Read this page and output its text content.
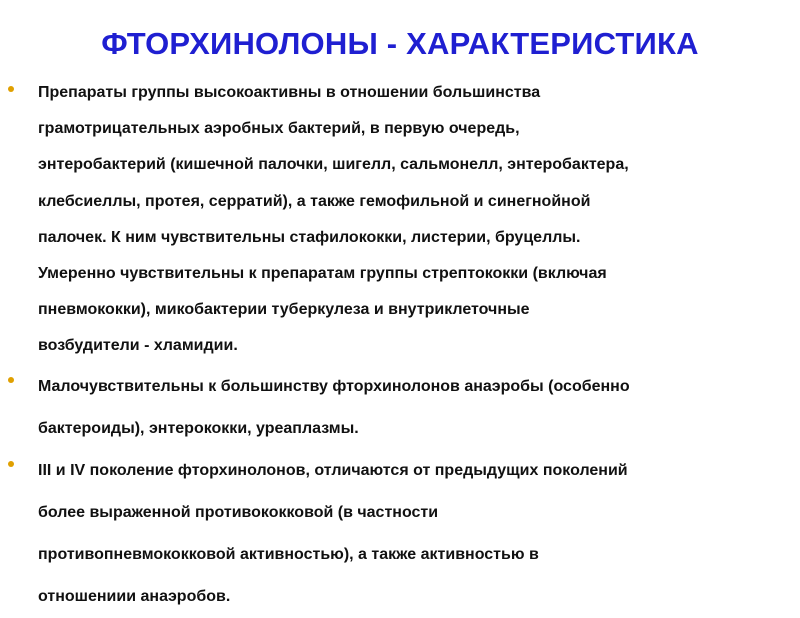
ФТОРХИНОЛОНЫ - ХАРАКТЕРИСТИКА
Препараты группы высокоактивны в отношении большинства
грамотрицательных аэробных бактерий, в первую очередь,
энтеробактерий (кишечной палочки, шигелл, сальмонелл, энтеробактера,
клебсиеллы, протея, серратий), а также гемофильной и синегнойной
палочек. К ним чувствительны стафилококки, листерии, бруцеллы.
Умеренно чувствительны к препаратам группы стрептококки (включая
пневмококки), микобактерии туберкулеза и внутриклеточные
возбудители - хламидии.
Малочувствительны к большинству фторхинолонов анаэробы (особенно
бактероиды), энтерококки, уреаплазмы.
III и IV поколение фторхинолонов, отличаются от предыдущих поколений
более выраженной противококковой (в частности
противопневмококковой активностью), а также активностью в
отношениии анаэробов.
